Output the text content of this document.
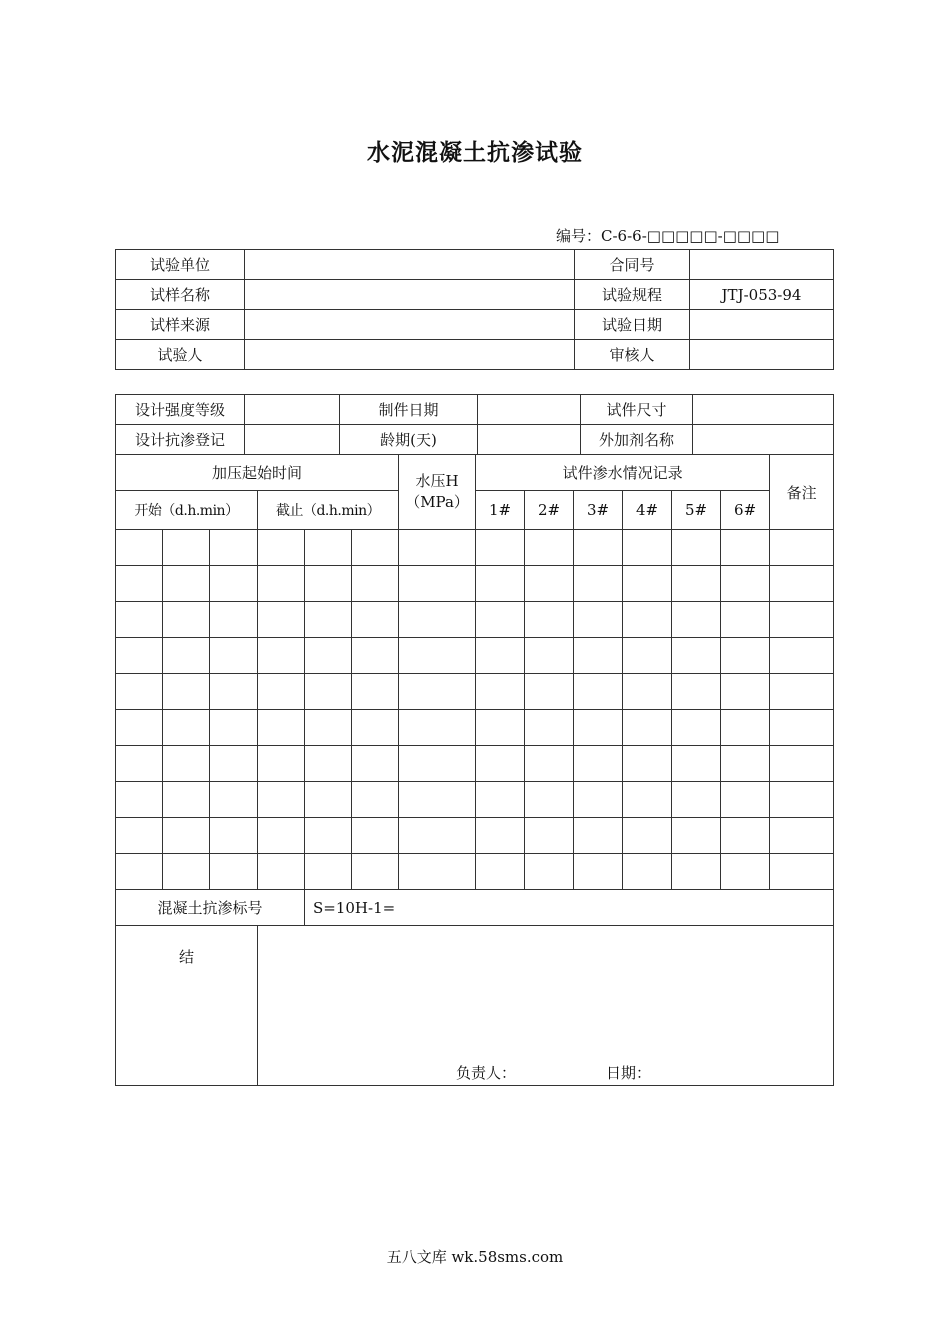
水泥混凝土抗渗试验
编号：C-6-6-□□□□□-□□□□
试验单位		合同号	
试样名称		试验规程	JTJ-053-94
试样来源		试验日期	
试验人		审核人	
设计强度等级		制件日期		试件尺寸	
设计抗渗登记		龄期(天)		外加剂名称	
加压起始时间						水压H（MPa）	试件渗水情况记录						备注
开始（d.h.min）			截止（d.h.min）				1#	2#	3#	4#	5#	6#	

混凝土抗渗标号				S=10H-1=									
结			负责人： 日期：										
五八文库 wk.58sms.com
